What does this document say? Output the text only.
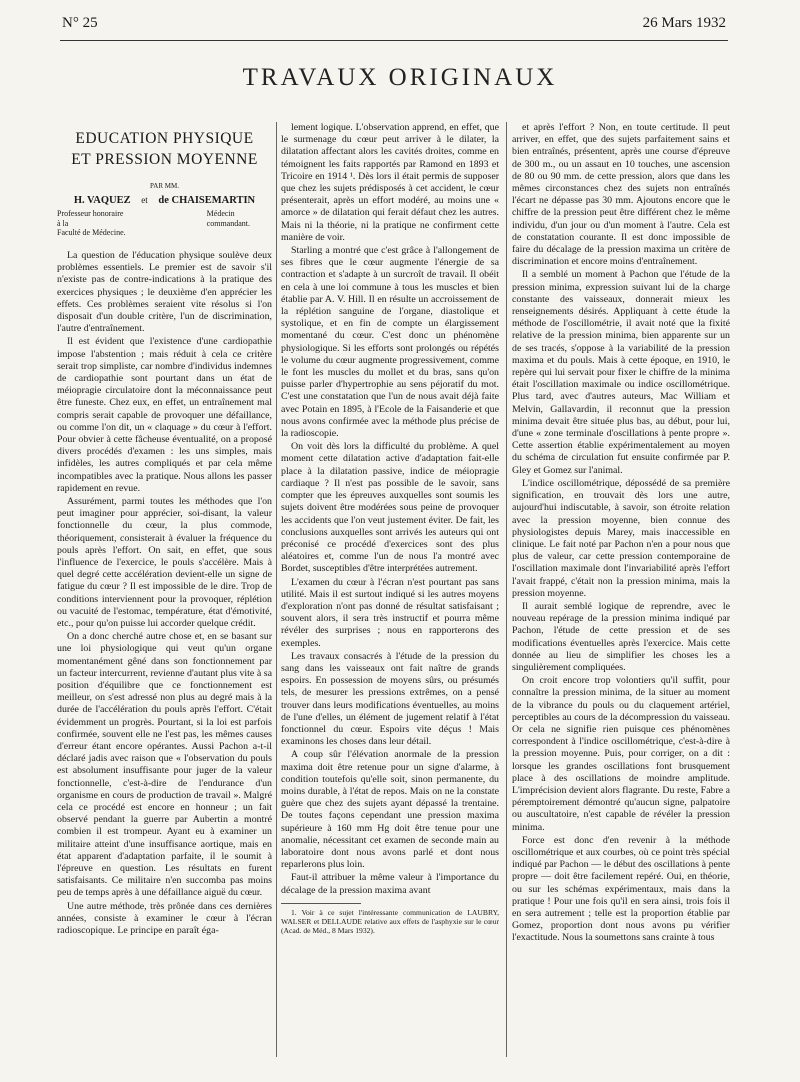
N° 25	26 Mars 1932
TRAVAUX ORIGINAUX
EDUCATION PHYSIQUE
ET PRESSION MOYENNE
PAR MM.
H. VAQUEZ et de CHAISEMARTIN
Professeur honoraire
à la
Faculté de Médecine.
Médecin
commandant.

La question de l'éducation physique soulève deux problèmes essentiels. Le premier est de savoir s'il n'existe pas de contre-indications à la pratique des exercices physiques ; le deuxième d'en apprécier les effets. Ces problèmes seraient vite résolus si l'on disposait d'un double critère, l'un de discrimination, l'autre d'entraînement.

Il est évident que l'existence d'une cardiopathie impose l'abstention ; mais réduit à cela ce critère serait trop simpliste, car nombre d'individus indemnes de cardiopathie sont pourtant dans un état de méiopragie circulatoire dont la méconnaissance peut être funeste. Chez eux, en effet, un entraînement mal compris serait capable de provoquer une défaillance, ou comme l'on dit, un « claquage » du cœur à l'effort. Pour obvier à cette fâcheuse éventualité, on a proposé divers procédés d'examen : les uns simples, mais infidèles, les autres compliqués et par cela même incompatibles avec la pratique. Nous allons les passer rapidement en revue.

Assurément, parmi toutes les méthodes que l'on peut imaginer pour apprécier, soi-disant, la valeur fonctionnelle du cœur, la plus commode, théoriquement, consisterait à évaluer la fréquence du pouls après l'effort. On sait, en effet, que sous l'influence de l'exercice, le pouls s'accélère. Mais à quel degré cette accélération devient-elle un signe de fatigue du cœur ? Il est impossible de le dire. Trop de conditions interviennent pour la provoquer, réplétion ou vacuité de l'estomac, température, état d'émotivité, etc., pour qu'on puisse lui accorder quelque crédit.

On a donc cherché autre chose et, en se basant sur une loi physiologique qui veut qu'un organe momentanément gêné dans son fonctionnement par un facteur intercurrent, revienne d'autant plus vite à sa position d'équilibre que ce fonctionnement est meilleur, on s'est adressé non plus au degré mais à la durée de l'accélération du pouls après l'effort. C'était évidemment un progrès. Pourtant, si la loi est parfois confirmée, souvent elle ne l'est pas, les mêmes causes d'erreur étant encore opérantes. Aussi Pachon a-t-il déclaré jadis avec raison que « l'observation du pouls est absolument insuffisante pour juger de la valeur fonctionnelle, c'est-à-dire de l'endurance d'un organisme en cours de production de travail ». Malgré cela ce procédé est encore en honneur ; un fait observé pendant la guerre par Aubertin a montré combien il est trompeur. Ayant eu à examiner un militaire atteint d'une insuffisance aortique, mais en état apparent d'adaptation parfaite, il le soumit à l'épreuve en question. Les résultats en furent satisfaisants. Ce militaire n'en succomba pas moins peu de temps après à une défaillance aiguë du cœur.

Une autre méthode, très prônée dans ces dernières années, consiste à examiner le cœur à l'écran radioscopique. Le principe en paraît éga-

lement logique. L'observation apprend, en effet, que le surmenage du cœur peut arriver à le dilater, la dilatation affectant alors les cavités droites, comme en témoignent les faits rapportés par Ramond en 1893 et Tricoire en 1914 ¹. Dès lors il était permis de supposer que chez les sujets prédisposés à cet accident, le cœur présenterait, après un effort modéré, au moins une « amorce » de dilatation qui ferait défaut chez les autres. Mais ni la théorie, ni la pratique ne confirment cette manière de voir.

Starling a montré que c'est grâce à l'allongement de ses fibres que le cœur augmente l'énergie de sa contraction et s'adapte à un surcroît de travail. Il obéit en cela à une loi commune à tous les muscles et bien établie par A. V. Hill. Il en résulte un accroissement de la réplétion sanguine de l'organe, diastolique et systolique, et en fin de compte un élargissement momentané du cœur. C'est donc un phénomène physiologique. Si les efforts sont prolongés ou répétés le volume du cœur augmente progressivement, comme le font les muscles du mollet et du bras, sans qu'on puisse parler d'hypertrophie au sens péjoratif du mot. C'est une constatation que l'un de nous avait déjà faite avec Potain en 1895, à l'Ecole de la Faisanderie et que nous avons confirmée avec la méthode plus précise de la radioscopie.

On voit dès lors la difficulté du problème. A quel moment cette dilatation active d'adaptation fait-elle place à la dilatation passive, indice de méiopragie cardiaque ? Il n'est pas possible de le savoir, sans compter que les épreuves auxquelles sont soumis les sujets doivent être modérées sous peine de provoquer les accidents que l'on veut justement éviter. De fait, les conclusions auxquelles sont arrivés les auteurs qui ont préconisé ce procédé d'exercices sont des plus aléatoires et, comme l'un de nous l'a montré avec Bordet, susceptibles d'être interprétées autrement.

L'examen du cœur à l'écran n'est pourtant pas sans utilité. Mais il est surtout indiqué si les autres moyens d'exploration n'ont pas donné de résultat satisfaisant ; souvent alors, il sera très instructif et pourra même révéler des surprises ; nous en rapporterons des exemples.

Les travaux consacrés à l'étude de la pression du sang dans les vaisseaux ont fait naître de grands espoirs. En possession de moyens sûrs, ou présumés tels, de mesurer les pressions extrêmes, on a pensé trouver dans leurs modifications éventuelles, au moins de l'une d'elles, un élément de jugement relatif à l'état fonctionnel du cœur. Espoirs vite déçus ! Mais examinons les choses dans leur détail.

A coup sûr l'élévation anormale de la pression maxima doit être retenue pour un signe d'alarme, à condition toutefois qu'elle soit, sinon permanente, du moins durable, à l'état de repos. Mais on ne la constate guère que chez des sujets ayant dépassé la trentaine. De toutes façons cependant une pression maxima supérieure à 160 mm Hg doit être tenue pour une anomalie, nécessitant cet examen de seconde main au laboratoire dont nous avons parlé et dont nous reparlerons plus loin.

Faut-il attribuer la même valeur à l'importance du décalage de la pression maxima avant

1. Voir à ce sujet l'intéressante communication de LAUBRY, WALSER et DELLAUDE relative aux effets de l'asphyxie sur le cœur (Acad. de Méd., 8 Mars 1932).

et après l'effort ? Non, en toute certitude. Il peut arriver, en effet, que des sujets parfaitement sains et bien entraînés, présentent, après une course d'épreuve de 300 m., ou un assaut en 10 touches, une ascension de 80 ou 90 mm. de cette pression, alors que dans les mêmes circonstances chez des sujets non entraînés l'écart ne dépasse pas 30 mm. Ajoutons encore que le chiffre de la pression peut être différent chez le même individu, d'un jour ou d'un moment à l'autre. Cela est de constatation courante. Il est donc impossible de faire du décalage de la pression maxima un critère de discrimination et encore moins d'entraînement.

Il a semblé un moment à Pachon que l'étude de la pression minima, expression suivant lui de la charge constante des vaisseaux, donnerait mieux les renseignements désirés. Appliquant à cette étude la méthode de l'oscillométrie, il avait noté que la fixité relative de la pression minima, bien apparente sur un de ses tracés, s'oppose à la variabilité de la pression maxima et du pouls. Mais à cette époque, en 1910, le repère qui lui servait pour fixer le chiffre de la minima était l'oscillation maximale ou indice oscillométrique. Plus tard, avec d'autres auteurs, Mac William et Melvin, Gallavardin, il reconnut que la pression minima devait être située plus bas, au début, pour lui, d'une « zone terminale d'oscillations à pente propre ». Cette assertion établie expérimentalement au moyen du schéma de circulation fut ensuite confirmée par P. Gley et Gomez sur l'animal.

L'indice oscillométrique, dépossédé de sa première signification, en trouvait dès lors une autre, aujourd'hui indiscutable, à savoir, son étroite relation avec la pression moyenne, bien connue des physiologistes depuis Marey, mais inaccessible en clinique. Le fait noté par Pachon n'en a pour nous que plus de valeur, car cette pression contemporaine de l'oscillation maximale dont l'invariabilité après l'effort l'avait frappé, c'était non la pression minima, mais la pression moyenne.

Il aurait semblé logique de reprendre, avec le nouveau repérage de la pression minima indiqué par Pachon, l'étude de cette pression et de ses modifications éventuelles après l'exercice. Mais cette donnée au lieu de simplifier les choses les a singulièrement compliquées.

On croit encore trop volontiers qu'il suffit, pour connaître la pression minima, de la situer au moment de la vibrance du pouls ou du claquement artériel, perceptibles au cours de la décompression du vaisseau. Or cela ne signifie rien puisque ces phénomènes correspondent à l'indice oscillométrique, c'est-à-dire à la pression moyenne. Puis, pour corriger, on a dit : lorsque les grandes oscillations font brusquement place à des oscillations de moindre amplitude. L'imprécision devient alors flagrante. Du reste, Fabre a péremptoirement démontré qu'aucun signe, palpatoire ou auscultatoire, n'est capable de révéler la pression minima.

Force est donc d'en revenir à la méthode oscillométrique et aux courbes, où ce point très spécial indiqué par Pachon — le début des oscillations à pente propre — doit être facilement repéré. Oui, en théorie, ou sur les schémas expérimentaux, mais dans la pratique ! Pour une fois qu'il en sera ainsi, trois fois il en sera autrement ; telle est la proportion établie par Gomez, proportion dont nous avons pu vérifier l'exactitude. Nous la soumettons sans crainte à tous
